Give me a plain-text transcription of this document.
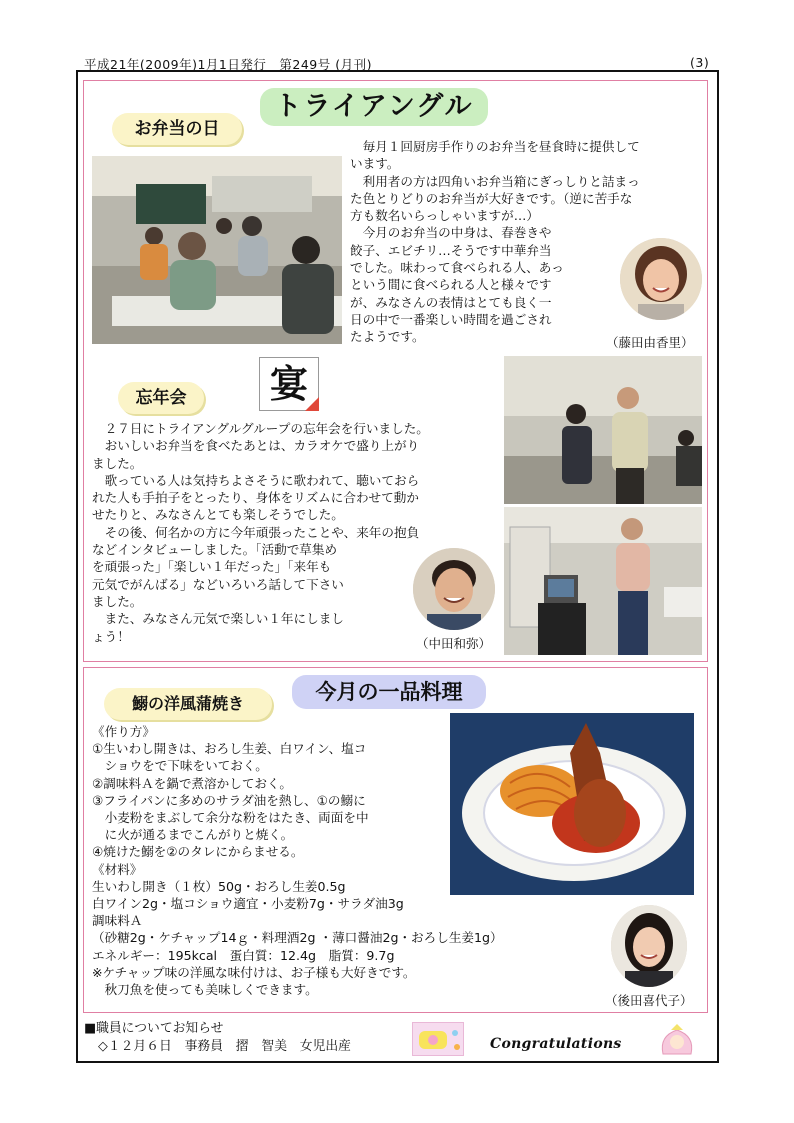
平成21年(2009年)1月1日発行　第249号 (月刊)	(3)
トライアングル
お弁当の日
　毎月１回厨房手作りのお弁当を昼食時に提供して
います。
　利用者の方は四角いお弁当箱にぎっしりと詰まっ
た色とりどりのお弁当が大好きです。（逆に苦手な
方も数名いらっしゃいますが…）
　今月のお弁当の中身は、春巻きや
餃子、エビチリ…そうです中華弁当
でした。味わって食べられる人、あっ
という間に食べられる人と様々です
が、みなさんの表情はとても良く一
日の中で一番楽しい時間を過ごされ
たようです。	（藤田由香里）
忘年会	宴
　２７日にトライアングルグループの忘年会を行いました。
　おいしいお弁当を食べたあとは、カラオケで盛り上がり
ました。
　歌っている人は気持ちよさそうに歌われて、聴いておら
れた人も手拍子をとったり、身体をリズムに合わせて動か
せたりと、みなさんとても楽しそうでした。
　その後、何名かの方に今年頑張ったことや、来年の抱負
などインタビューしました。「活動で草集め
を頑張った」「楽しい１年だった」「来年も
元気でがんばる」などいろいろ話して下さい
ました。
　また、みなさん元気で楽しい１年にしまし
ょう！	（中田和弥）
今月の一品料理
鰯の洋風蒲焼き
《作り方》
①生いわし開きは、おろし生姜、白ワイン、塩コ
　ショウをで下味をいておく。
②調味料Ａを鍋で煮溶かしておく。
③フライパンに多めのサラダ油を熱し、①の鰯に
　小麦粉をまぶして余分な粉をはたき、両面を中
　に火が通るまでこんがりと焼く。
④焼けた鰯を②のタレにからませる。
《材料》
生いわし開き（１枚）50g・おろし生姜0.5g
白ワイン2g・塩コショウ適宜・小麦粉7g・サラダ油3g
調味料Ａ
（砂糖2g・ケチャップ14ｇ・料理酒2g ・薄口醤油2g・おろし生姜1g）
エネルギー：195kcal　蛋白質：12.4g　脂質：9.7g
※ケチャップ味の洋風な味付けは、お子様も大好きです。
　秋刀魚を使っても美味しくできます。
（後田喜代子）
■職員についてお知らせ
◇１２月６日　事務員　摺　智美　女児出産	Congratulations
